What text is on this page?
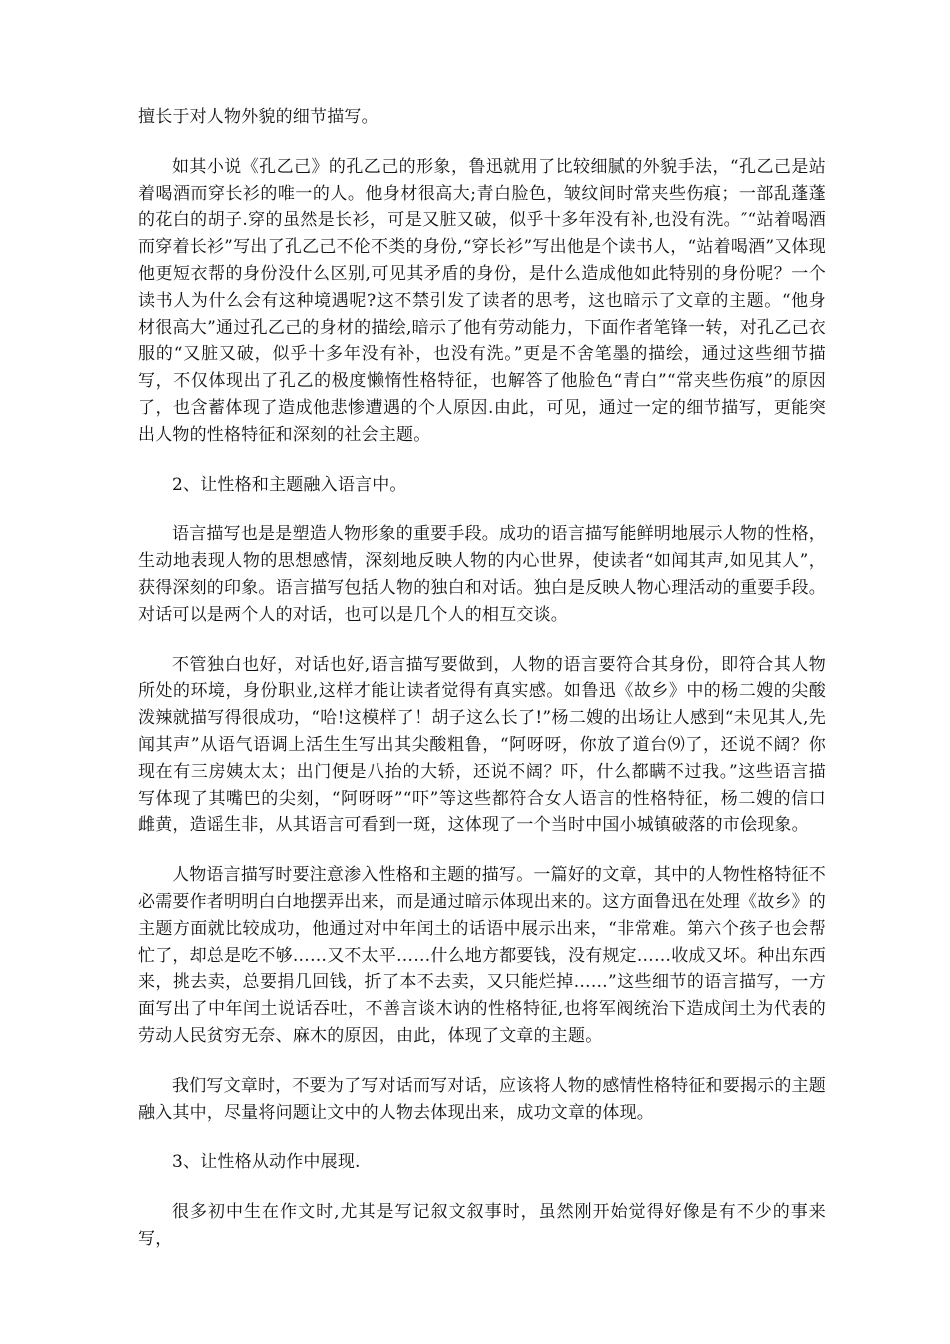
擅长于对人物外貌的细节描写。

如其小说《孔乙己》的孔乙己的形象，鲁迅就用了比较细腻的外貌手法，“孔乙己是站着喝酒而穿长衫的唯一的人。他身材很高大;青白脸色，皱纹间时常夹些伤痕；一部乱蓬蓬的花白的胡子.穿的虽然是长衫，可是又脏又破，似乎十多年没有补,也没有洗。″“站着喝酒而穿着长衫”写出了孔乙己不伦不类的身份,“穿长衫”写出他是个读书人，“站着喝酒”又体现他更短衣帮的身份没什么区别,可见其矛盾的身份，是什么造成他如此特别的身份呢？一个读书人为什么会有这种境遇呢?这不禁引发了读者的思考，这也暗示了文章的主题。“他身材很高大”通过孔乙己的身材的描绘,暗示了他有劳动能力，下面作者笔锋一转，对孔乙己衣服的“又脏又破，似乎十多年没有补，也没有洗。”更是不舍笔墨的描绘，通过这些细节描写，不仅体现出了孔乙的极度懒惰性格特征，也解答了他脸色“青白”“常夹些伤痕”的原因了，也含蓄体现了造成他悲惨遭遇的个人原因.由此，可见，通过一定的细节描写，更能突出人物的性格特征和深刻的社会主题。

2、让性格和主题融入语言中。

语言描写也是是塑造人物形象的重要手段。成功的语言描写能鲜明地展示人物的性格，生动地表现人物的思想感情，深刻地反映人物的内心世界，使读者“如闻其声,如见其人”，获得深刻的印象。语言描写包括人物的独白和对话。独白是反映人物心理活动的重要手段。对话可以是两个人的对话，也可以是几个人的相互交谈。

不管独白也好，对话也好,语言描写要做到，人物的语言要符合其身份，即符合其人物所处的环境，身份职业,这样才能让读者觉得有真实感。如鲁迅《故乡》中的杨二嫂的尖酸泼辣就描写得很成功，“哈!这模样了！胡子这么长了!”杨二嫂的出场让人感到“未见其人,先闻其声”从语气语调上活生生写出其尖酸粗鲁，“阿呀呀，你放了道台⑼了，还说不阔？你现在有三房姨太太；出门便是八抬的大轿，还说不阔？吓，什么都瞒不过我。”这些语言描写体现了其嘴巴的尖刻，“阿呀呀”“吓”等这些都符合女人语言的性格特征，杨二嫂的信口雌黄，造谣生非，从其语言可看到一斑，这体现了一个当时中国小城镇破落的市侩现象。

人物语言描写时要注意渗入性格和主题的描写。一篇好的文章，其中的人物性格特征不必需要作者明明白白地摆弄出来，而是通过暗示体现出来的。这方面鲁迅在处理《故乡》的主题方面就比较成功，他通过对中年闰土的话语中展示出来，“非常难。第六个孩子也会帮忙了，却总是吃不够……又不太平……什么地方都要钱，没有规定……收成又坏。种出东西来，挑去卖，总要捐几回钱，折了本不去卖，又只能烂掉……”这些细节的语言描写，一方面写出了中年闰土说话吞吐，不善言谈木讷的性格特征,也将军阀统治下造成闰土为代表的劳动人民贫穷无奈、麻木的原因，由此，体现了文章的主题。

我们写文章时，不要为了写对话而写对话，应该将人物的感情性格特征和要揭示的主题融入其中，尽量将问题让文中的人物去体现出来，成功文章的体现。

3、让性格从动作中展现.

很多初中生在作文时,尤其是写记叙文叙事时，虽然刚开始觉得好像是有不少的事来写，
